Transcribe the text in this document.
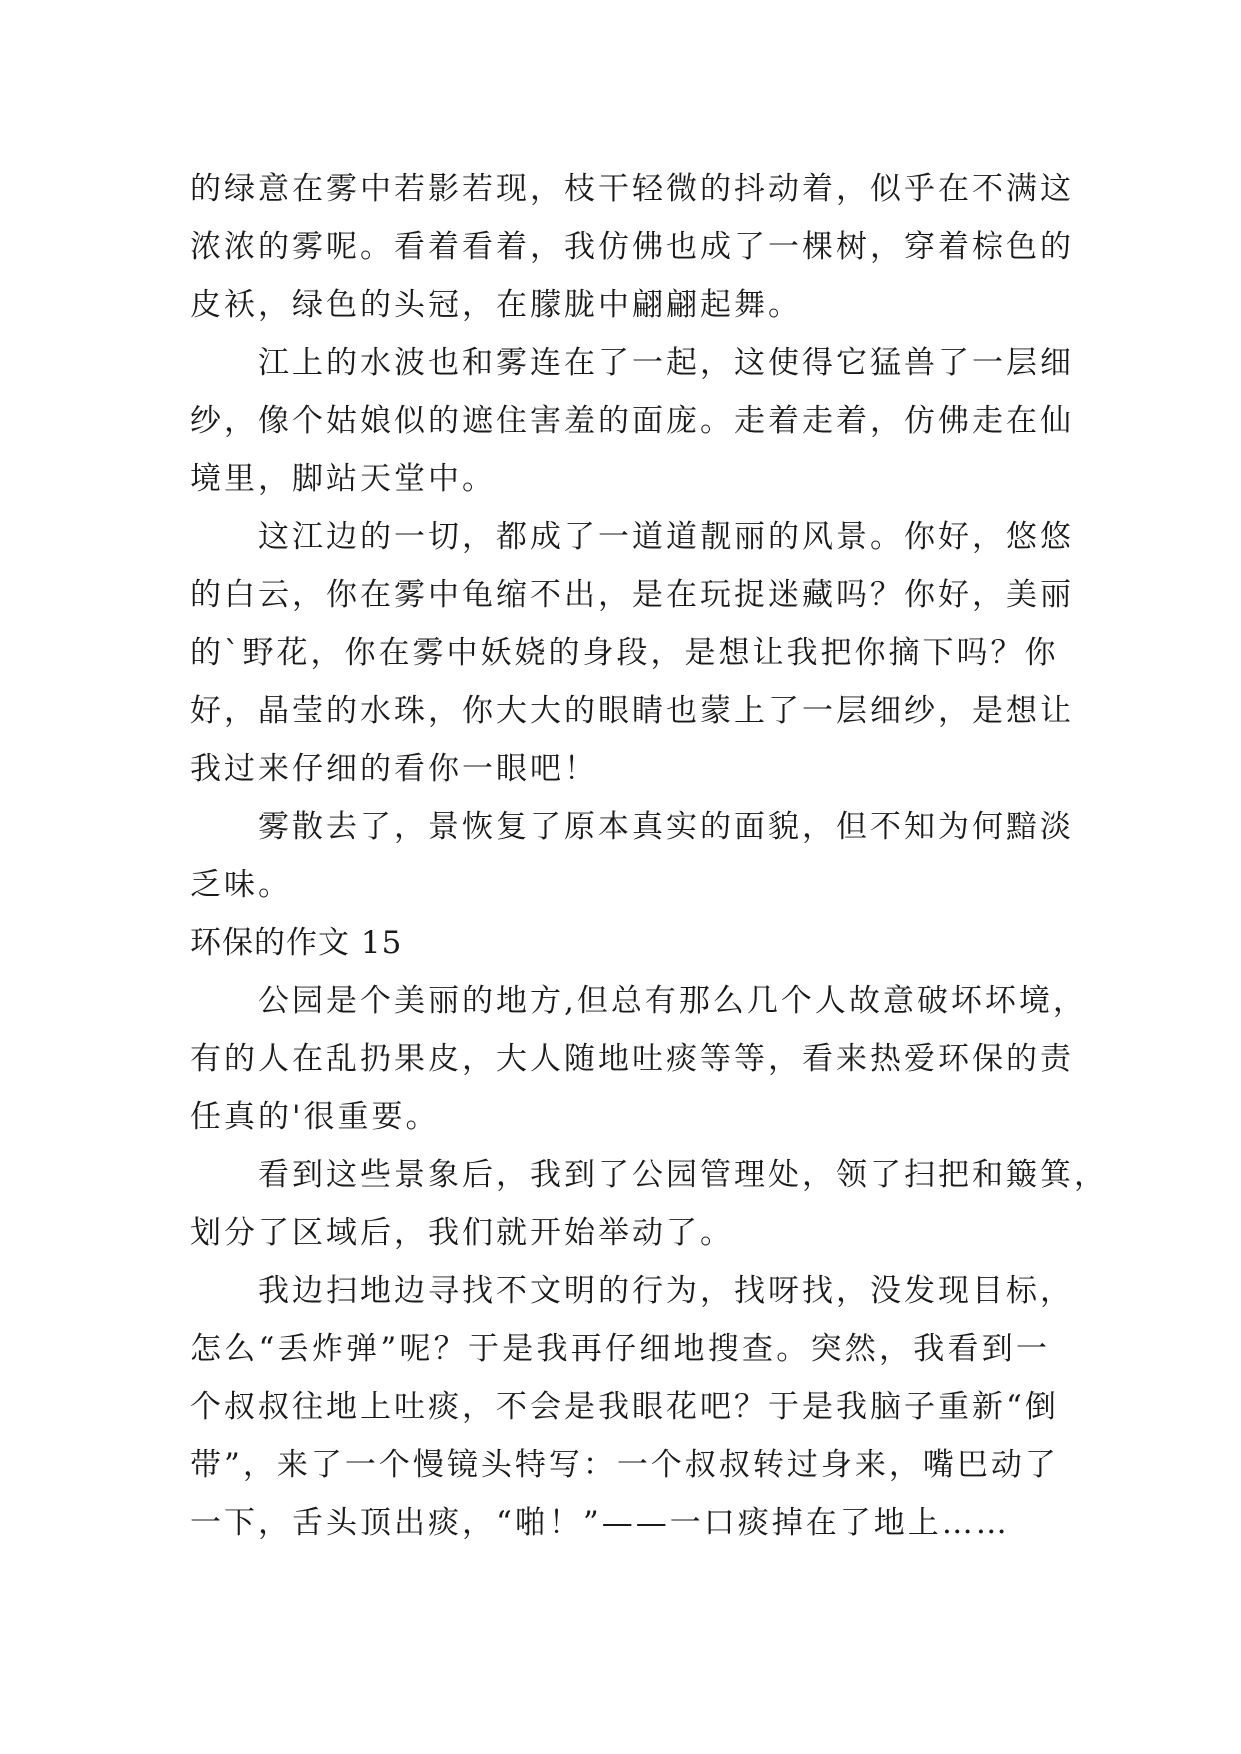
的绿意在雾中若影若现，枝干轻微的抖动着，似乎在不满这
浓浓的雾呢。看着看着，我仿佛也成了一棵树，穿着棕色的
皮袄，绿色的头冠，在朦胧中翩翩起舞。
江上的水波也和雾连在了一起，这使得它猛兽了一层细
纱，像个姑娘似的遮住害羞的面庞。走着走着，仿佛走在仙
境里，脚站天堂中。
这江边的一切，都成了一道道靓丽的风景。你好，悠悠
的白云，你在雾中龟缩不出，是在玩捉迷藏吗？你好，美丽
的`野花，你在雾中妖娆的身段，是想让我把你摘下吗？你
好，晶莹的水珠，你大大的眼睛也蒙上了一层细纱，是想让
我过来仔细的看你一眼吧！
雾散去了，景恢复了原本真实的面貌，但不知为何黯淡
乏味。
环保的作文 15
公园是个美丽的地方,但总有那么几个人故意破坏坏境，
有的人在乱扔果皮，大人随地吐痰等等，看来热爱环保的责
任真的'很重要。
看到这些景象后，我到了公园管理处，领了扫把和簸箕，
划分了区域后，我们就开始举动了。
我边扫地边寻找不文明的行为，找呀找，没发现目标，
怎么“丢炸弹”呢？于是我再仔细地搜查。突然，我看到一
个叔叔往地上吐痰，不会是我眼花吧？于是我脑子重新“倒
带”，来了一个慢镜头特写：一个叔叔转过身来，嘴巴动了
一下，舌头顶出痰，“啪！”——一口痰掉在了地上……
